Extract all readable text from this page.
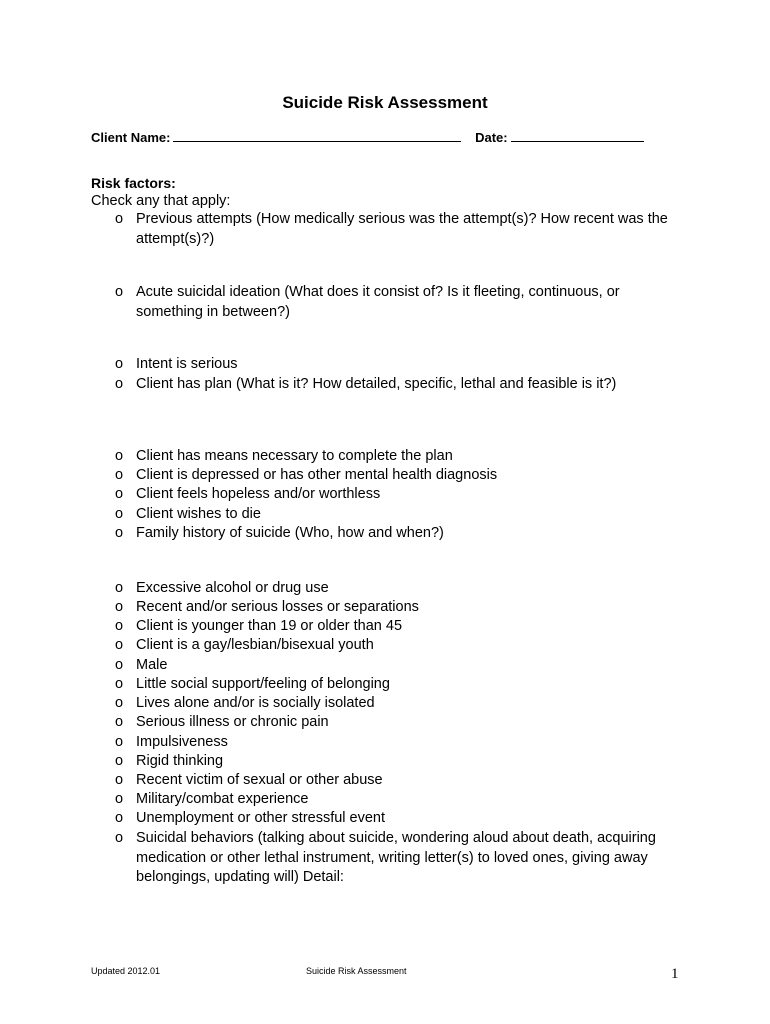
Suicide Risk Assessment
Client Name:	Date:
Risk factors:
Check any that apply:
o Previous attempts (How medically serious was the attempt(s)? How recent was the attempt(s)?)
o Acute suicidal ideation (What does it consist of? Is it fleeting, continuous, or something in between?)
o Intent is serious
o Client has plan (What is it? How detailed, specific, lethal and feasible is it?)
o Client has means necessary to complete the plan
o Client is depressed or has other mental health diagnosis
o Client feels hopeless and/or worthless
o Client wishes to die
o Family history of suicide (Who, how and when?)
o Excessive alcohol or drug use
o Recent and/or serious losses or separations
o Client is younger than 19 or older than 45
o Client is a gay/lesbian/bisexual youth
o Male
o Little social support/feeling of belonging
o Lives alone and/or is socially isolated
o Serious illness or chronic pain
o Impulsiveness
o Rigid thinking
o Recent victim of sexual or other abuse
o Military/combat experience
o Unemployment or other stressful event
o Suicidal behaviors (talking about suicide, wondering aloud about death, acquiring medication or other lethal instrument, writing letter(s) to loved ones, giving away belongings, updating will) Detail:
Updated 2012.01	Suicide Risk Assessment	1
